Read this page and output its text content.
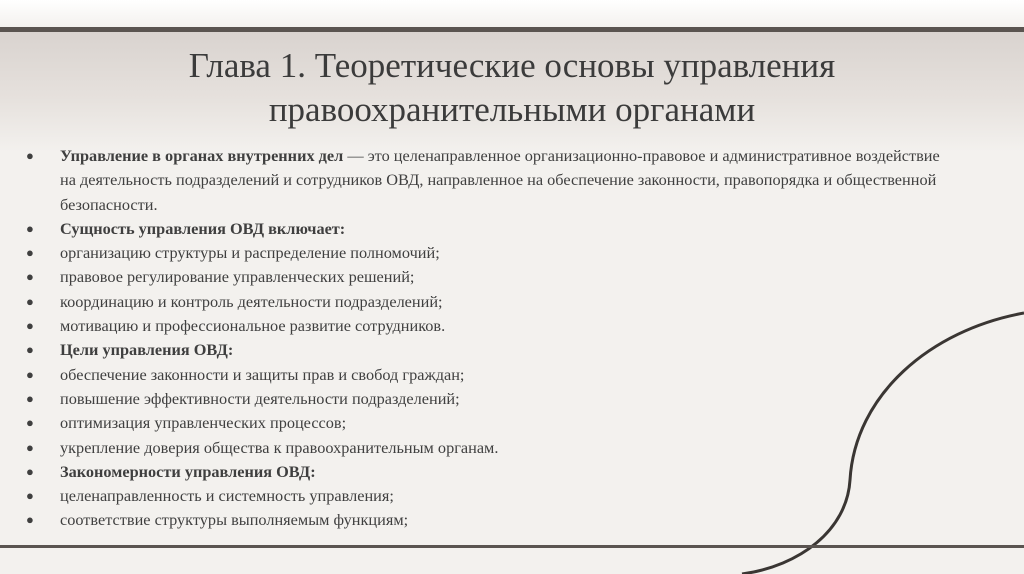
Глава 1. Теоретические основы управления
правоохранительными органами
● Управление в органах внутренних дел — это целенаправленное организационно-правовое и административное воздействие на деятельность подразделений и сотрудников ОВД, направленное на обеспечение законности, правопорядка и общественной безопасности.
● Сущность управления ОВД включает:
● организацию структуры и распределение полномочий;
● правовое регулирование управленческих решений;
● координацию и контроль деятельности подразделений;
● мотивацию и профессиональное развитие сотрудников.
● Цели управления ОВД:
● обеспечение законности и защиты прав и свобод граждан;
● повышение эффективности деятельности подразделений;
● оптимизация управленческих процессов;
● укрепление доверия общества к правоохранительным органам.
● Закономерности управления ОВД:
● целенаправленность и системность управления;
● соответствие структуры выполняемым функциям;
